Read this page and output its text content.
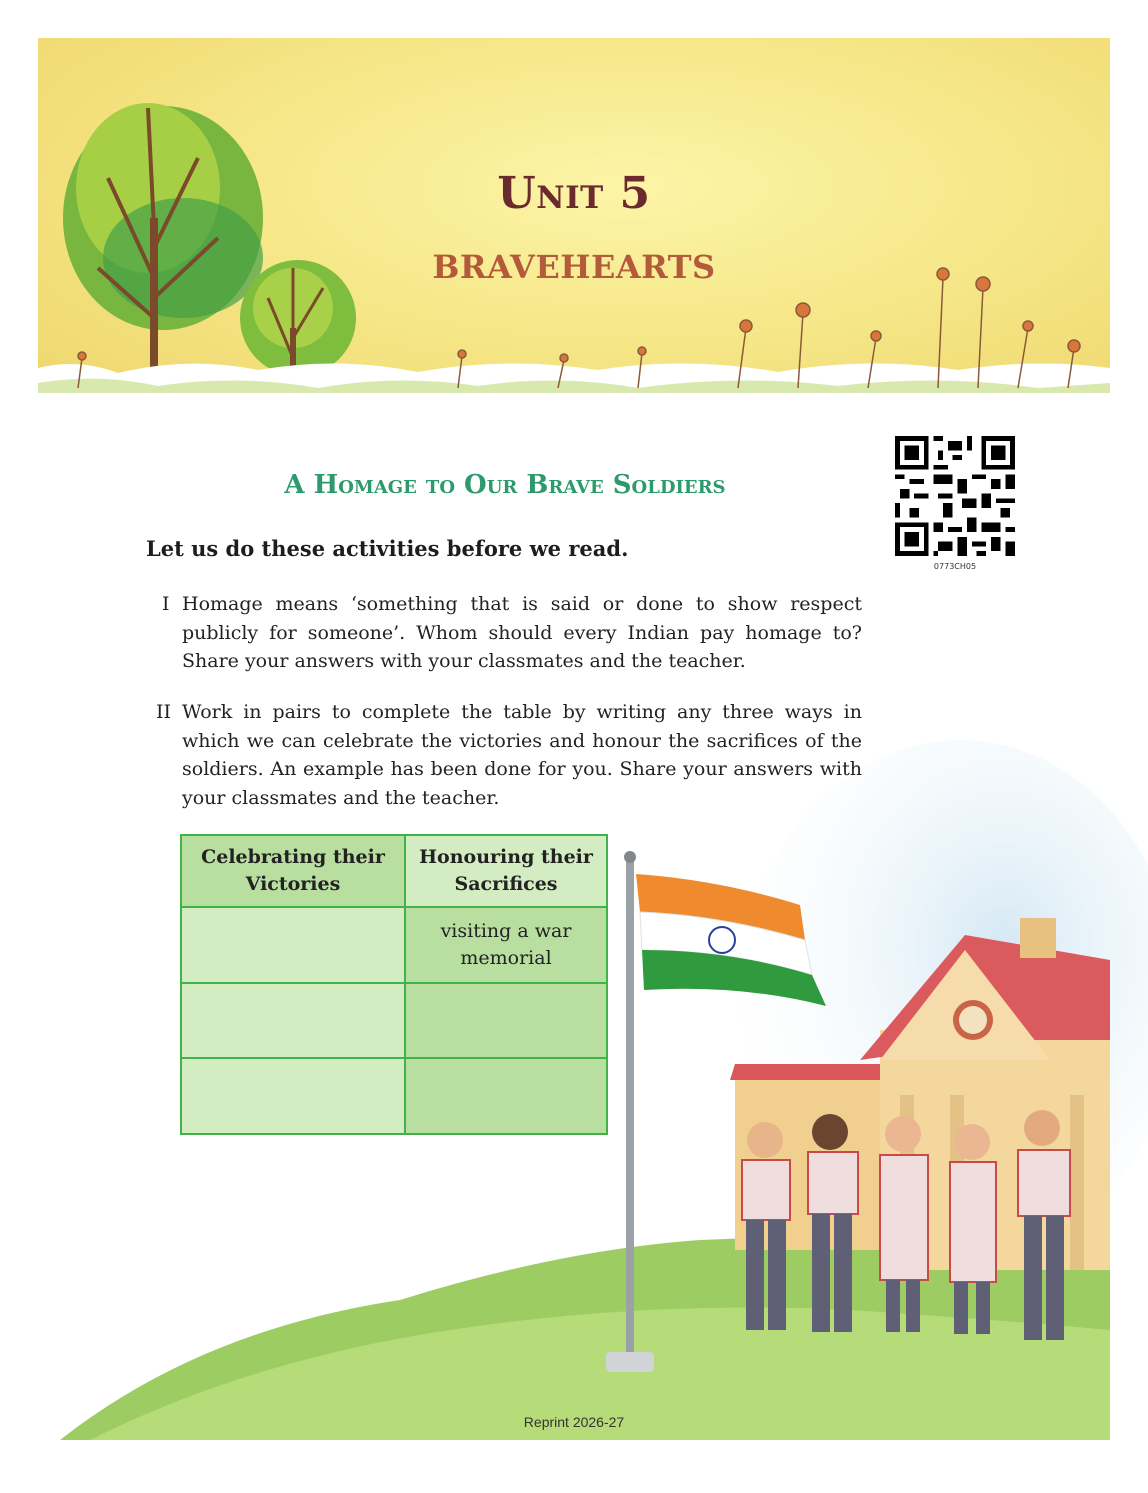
Unit 5
BRAVEHEARTS
0773CH05
A Homage to Our Brave Soldiers
Let us do these activities before we read.
I Homage means ‘something that is said or done to show respect publicly for someone’. Whom should every Indian pay homage to? Share your answers with your classmates and the teacher.
II Work in pairs to complete the table by writing any three ways in which we can celebrate the victories and honour the sacrifices of the soldiers. An example has been done for you. Share your answers with your classmates and the teacher.
Celebrating their Victories	Honouring their Sacrifices
	visiting a war memorial

Reprint 2026-27
